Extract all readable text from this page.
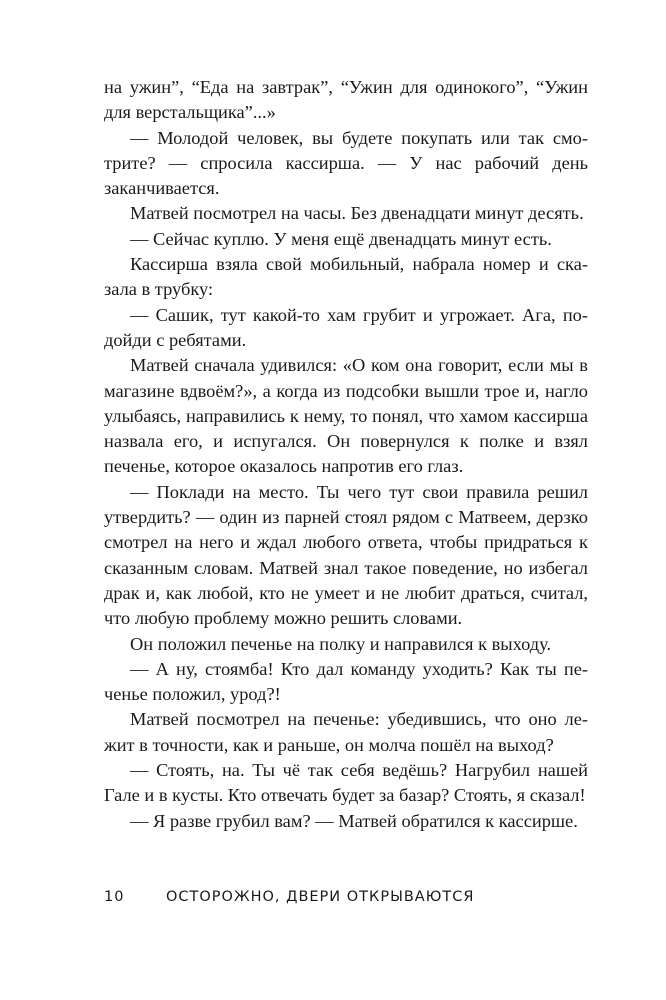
на ужин”, “Еда на завтрак”, “Ужин для одинокого”, “Ужин для верстальщика”...»

— Молодой человек, вы будете покупать или так смотрите? — спросила кассирша. — У нас рабочий день заканчивается.

Матвей посмотрел на часы. Без двенадцати минут десять.

— Сейчас куплю. У меня ещё двенадцать минут есть.

Кассирша взяла свой мобильный, набрала номер и сказала в трубку:

— Сашик, тут какой-то хам грубит и угрожает. Ага, подойди с ребятами.

Матвей сначала удивился: «О ком она говорит, если мы в магазине вдвоём?», а когда из подсобки вышли трое и, нагло улыбаясь, направились к нему, то понял, что хамом кассирша назвала его, и испугался. Он повернулся к полке и взял печенье, которое оказалось напротив его глаз.

— Поклади на место. Ты чего тут свои правила решил утвердить? — один из парней стоял рядом с Матвеем, дерзко смотрел на него и ждал любого ответа, чтобы придраться к сказанным словам. Матвей знал такое поведение, но избегал драк и, как любой, кто не умеет и не любит драться, считал, что любую проблему можно решить словами.

Он положил печенье на полку и направился к выходу.

— А ну, стоямба! Кто дал команду уходить? Как ты печенье положил, урод?!

Матвей посмотрел на печенье: убедившись, что оно лежит в точности, как и раньше, он молча пошёл на выход?

— Стоять, на. Ты чё так себя ведёшь? Нагрубил нашей Гале и в кусты. Кто отвечать будет за базар? Стоять, я сказал!

— Я разве грубил вам? — Матвей обратился к кассирше.

10	ОСТОРОЖНО, ДВЕРИ ОТКРЫВАЮТСЯ
